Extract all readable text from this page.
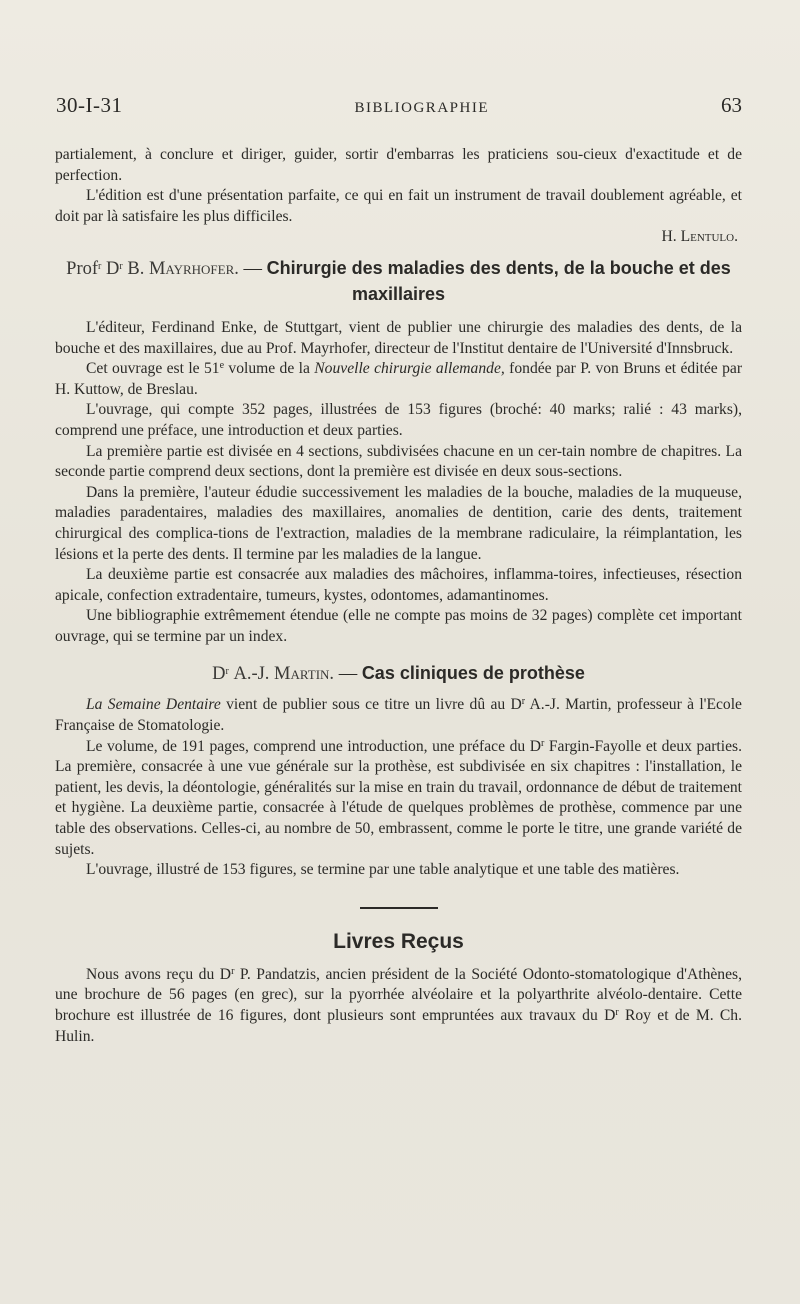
30-I-31	BIBLIOGRAPHIE	63

partialement, à conclure et diriger, guider, sortir d'embarras les praticiens sou-cieux d'exactitude et de perfection.

L'édition est d'une présentation parfaite, ce qui en fait un instrument de travail doublement agréable, et doit par là satisfaire les plus difficiles.

H. Lentulo.
Prof$^r$ $D^r$ B. Mayrhofer. — Chirurgie des maladies des dents, de la bouche et des maxillaires

L'éditeur, Ferdinand Enke, de Stuttgart, vient de publier une chirurgie des maladies des dents, de la bouche et des maxillaires, due au Prof. Mayrhofer, directeur de l'Institut dentaire de l'Université d'Innsbruck.

Cet ouvrage est le 51e volume de la Nouvelle chirurgie allemande, fondée par P. von Bruns et éditée par H. Kuttow, de Breslau.

L'ouvrage, qui compte 352 pages, illustrées de 153 figures (broché: 40 marks; ralié : 43 marks), comprend une préface, une introduction et deux parties.

La première partie est divisée en 4 sections, subdivisées chacune en un cer-tain nombre de chapitres. La seconde partie comprend deux sections, dont la première est divisée en deux sous-sections.

Dans la première, l'auteur édudie successivement les maladies de la bouche, maladies de la muqueuse, maladies paradentaires, maladies des maxillaires, anomalies de dentition, carie des dents, traitement chirurgical des complica-tions de l'extraction, maladies de la membrane radiculaire, la réimplantation, les lésions et la perte des dents. Il termine par les maladies de la langue.

La deuxième partie est consacrée aux maladies des mâchoires, inflamma-toires, infectieuses, résection apicale, confection extradentaire, tumeurs, kystes, odontomes, adamantinomes.

Une bibliographie extrêmement étendue (elle ne compte pas moins de 32 pages) complète cet important ouvrage, qui se termine par un index.

$D^r$ A.-J. Martin. — Cas cliniques de prothèse

La Semaine Dentaire vient de publier sous ce titre un livre dû au $D^r$ A.-J. Martin, professeur à l'Ecole Française de Stomatologie.

Le volume, de 191 pages, comprend une introduction, une préface du $D^r$ Fargin-Fayolle et deux parties. La première, consacrée à une vue générale sur la prothèse, est subdivisée en six chapitres : l'installation, le patient, les devis, la déontologie, généralités sur la mise en train du travail, ordonnance de début de traitement et hygiène. La deuxième partie, consacrée à l'étude de quelques problèmes de prothèse, commence par une table des observations. Celles-ci, au nombre de 50, embrassent, comme le porte le titre, une grande variété de sujets.

L'ouvrage, illustré de 153 figures, se termine par une table analytique et une table des matières.

Livres Reçus

Nous avons reçu du $D^r$ P. Pandatzis, ancien président de la Société Odonto-stomatologique d'Athènes, une brochure de 56 pages (en grec), sur la pyorrhée alvéolaire et la polyarthrite alvéolo-dentaire. Cette brochure est illustrée de 16 figures, dont plusieurs sont empruntées aux travaux du $D^r$ Roy et de M. Ch. Hulin.
